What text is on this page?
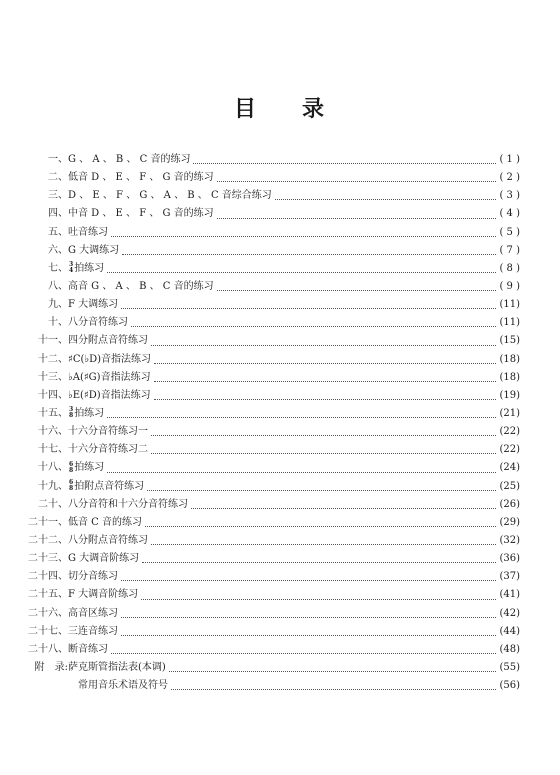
目 录
一、 G 、 A 、 B 、 C 音的练习	( 1 )
二、 低音 D 、 E 、 F 、 G 音的练习	( 2 )
三、 D 、 E 、 F 、 G 、 A 、 B 、 C 音综合练习	( 3 )
四、 中音 D 、 E 、 F 、 G 音的练习	( 4 )
五、 吐音练习	( 5 )
六、 G 大调练习	( 7 )
七、 3
4 拍练习	( 8 )
八、 高音 G 、 A 、 B 、 C 音的练习	( 9 )
九、 F 大调练习	(11)
十、 八分音符练习	(11)
十一、 四分附点音符练习	(15)
十二、 ♯C(♭D)音指法练习	(18)
十三、 ♭A(♯G)音指法练习	(18)
十四、 ♭E(♯D)音指法练习	(19)
十五、 3
8 拍练习	(21)
十六、 十六分音符练习一	(22)
十七、 十六分音符练习二	(22)
十八、 6
8 拍练习	(24)
十九、 6
8 拍附点音符练习	(25)
二十、 八分音符和十六分音符练习	(26)
二十一、 低音 C 音的练习	(29)
二十二、 八分附点音符练习	(32)
二十三、 G 大调音阶练习	(36)
二十四、 切分音练习	(37)
二十五、 F 大调音阶练习	(41)
二十六、 高音区练习	(42)
二十七、 三连音练习	(44)
二十八、 断音练习	(48)
附　录: 萨克斯管指法表(本调)	(55)
常用音乐术语及符号	(56)
